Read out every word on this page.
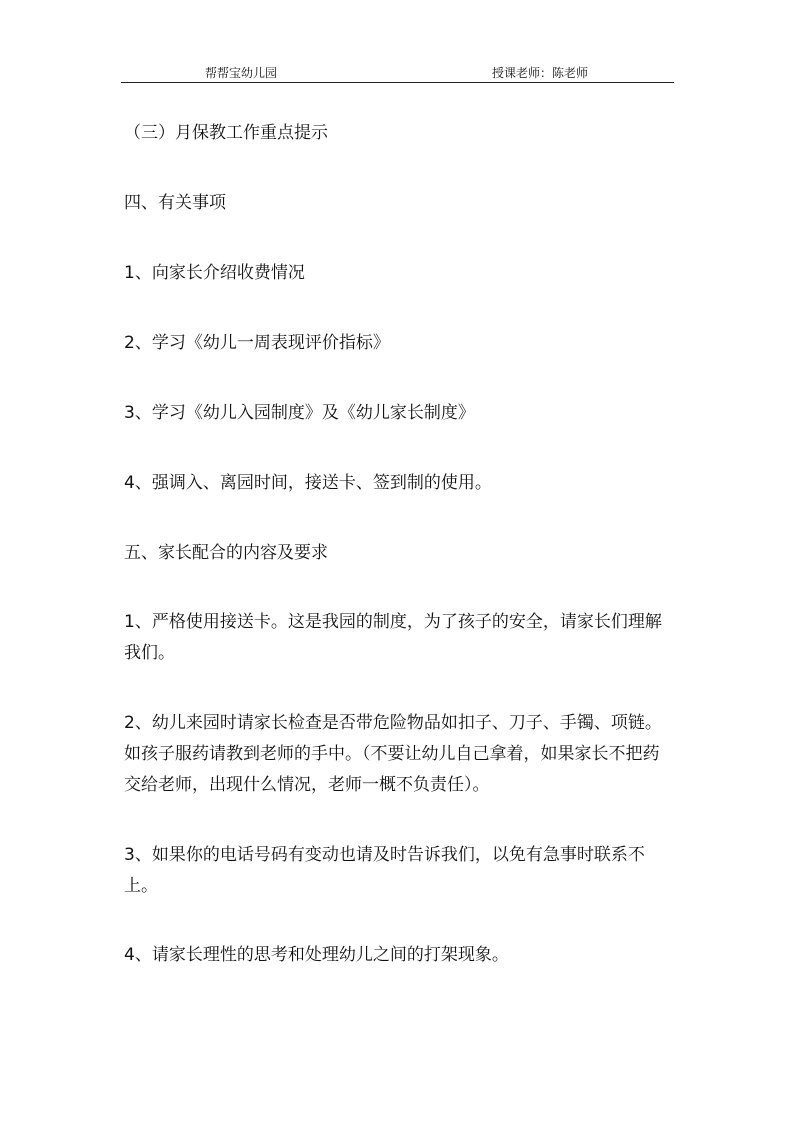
帮帮宝幼儿园	授课老师：陈老师
（三）月保教工作重点提示
四、有关事项
1、向家长介绍收费情况
2、学习《幼儿一周表现评价指标》
3、学习《幼儿入园制度》及《幼儿家长制度》
4、强调入、离园时间，接送卡、签到制的使用。
五、家长配合的内容及要求
1、严格使用接送卡。这是我园的制度，为了孩子的安全，请家长们理解我们。
2、幼儿来园时请家长检查是否带危险物品如扣子、刀子、手镯、项链。如孩子服药请教到老师的手中。（不要让幼儿自己拿着，如果家长不把药交给老师，出现什么情况，老师一概不负责任）。
3、如果你的电话号码有变动也请及时告诉我们，以免有急事时联系不上。
4、请家长理性的思考和处理幼儿之间的打架现象。
